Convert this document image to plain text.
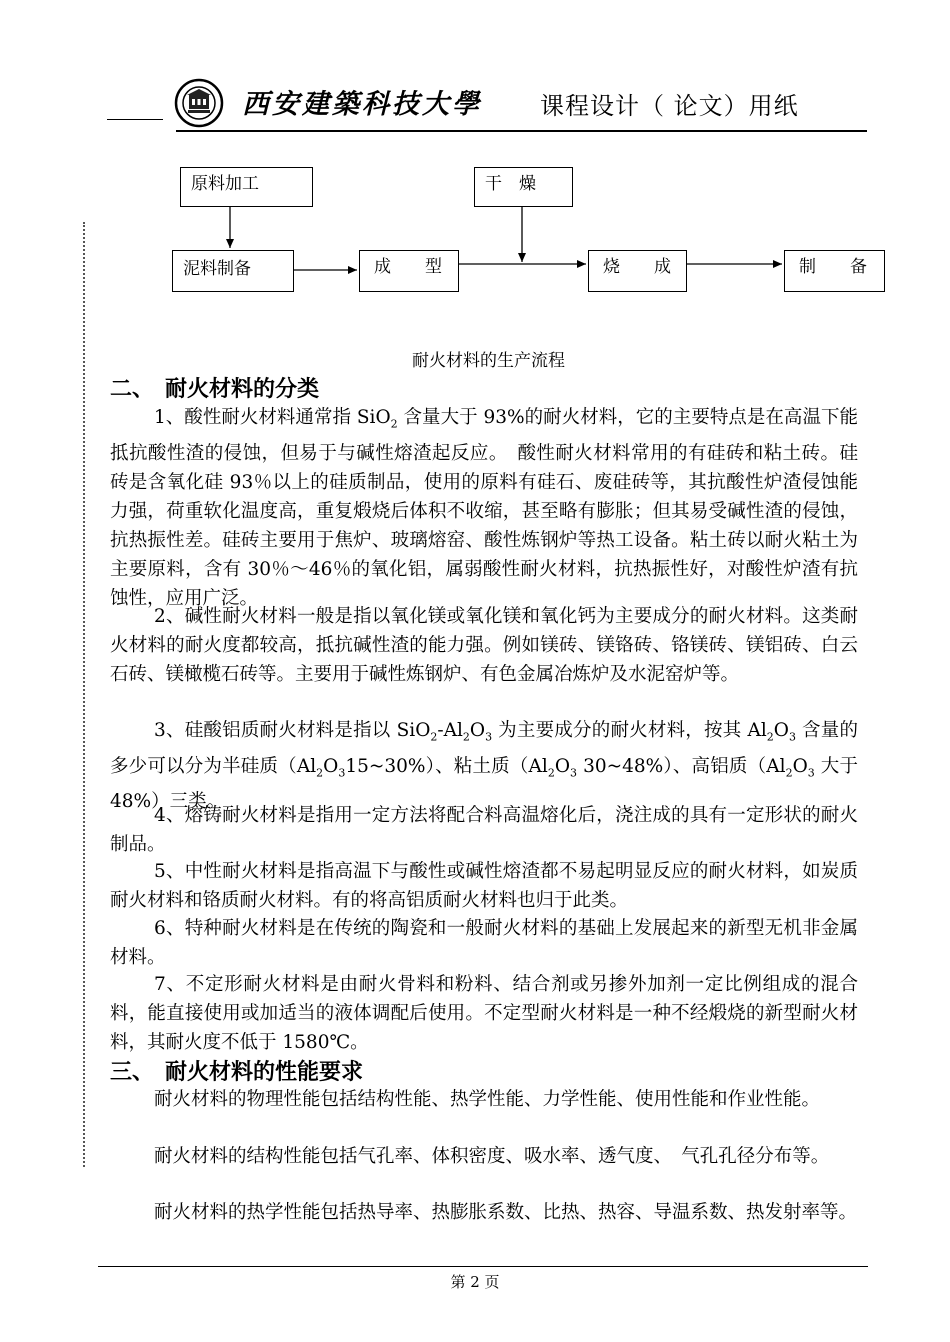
西安建築科技大學 课程设计（ 论文）用纸
原料加工
泥料制备
干　燥
成　　型	烧　　成	制　　备
耐火材料的生产流程
二、　耐火材料的分类
1、酸性耐火材料通常指 SiO$_2$ 含量大于 93%的耐火材料，它的主要特点是在高温下能抵抗酸性渣的侵蚀，但易于与碱性熔渣起反应。　酸性耐火材料常用的有硅砖和粘土砖。硅砖是含氧化硅 93％以上的硅质制品，使用的原料有硅石、废硅砖等，其抗酸性炉渣侵蚀能力强，荷重软化温度高，重复煅烧后体积不收缩，甚至略有膨胀；但其易受碱性渣的侵蚀，抗热振性差。硅砖主要用于焦炉、玻璃熔窑、酸性炼钢炉等热工设备。粘土砖以耐火粘土为主要原料，含有 30％～46％的氧化铝，属弱酸性耐火材料，抗热振性好，对酸性炉渣有抗蚀性，应用广泛。
2、碱性耐火材料一般是指以氧化镁或氧化镁和氧化钙为主要成分的耐火材料。这类耐火材料的耐火度都较高，抵抗碱性渣的能力强。例如镁砖、镁铬砖、铬镁砖、镁铝砖、白云石砖、镁橄榄石砖等。主要用于碱性炼钢炉、有色金属冶炼炉及水泥窑炉等。
3、硅酸铝质耐火材料是指以 $SiO_2-Al_2O_3$ 为主要成分的耐火材料，按其 $Al_2O_3$ 含量的多少可以分为半硅质$(Al_2O_315\sim 30\%)$、粘土质（$Al_2O_3$ 30~48%）、高铝质（$Al_2O_3$ 大于 48%）三类。
4、熔铸耐火材料是指用一定方法将配合料高温熔化后，浇注成的具有一定形状的耐火制品。
5、中性耐火材料是指高温下与酸性或碱性熔渣都不易起明显反应的耐火材料，如炭质耐火材料和铬质耐火材料。有的将高铝质耐火材料也归于此类。
6、特种耐火材料是在传统的陶瓷和一般耐火材料的基础上发展起来的新型无机非金属材料。
7、不定形耐火材料是由耐火骨料和粉料、结合剂或另掺外加剂一定比例组成的混合料，能直接使用或加适当的液体调配后使用。不定型耐火材料是一种不经煅烧的新型耐火材料，其耐火度不低于 1580℃。
三、　耐火材料的性能要求
耐火材料的物理性能包括结构性能、热学性能、力学性能、使用性能和作业性能。
耐火材料的结构性能包括气孔率、体积密度、吸水率、透气度、　气孔孔径分布等。
耐火材料的热学性能包括热导率、热膨胀系数、比热、热容、导温系数、热发射率等。
第 2 页
